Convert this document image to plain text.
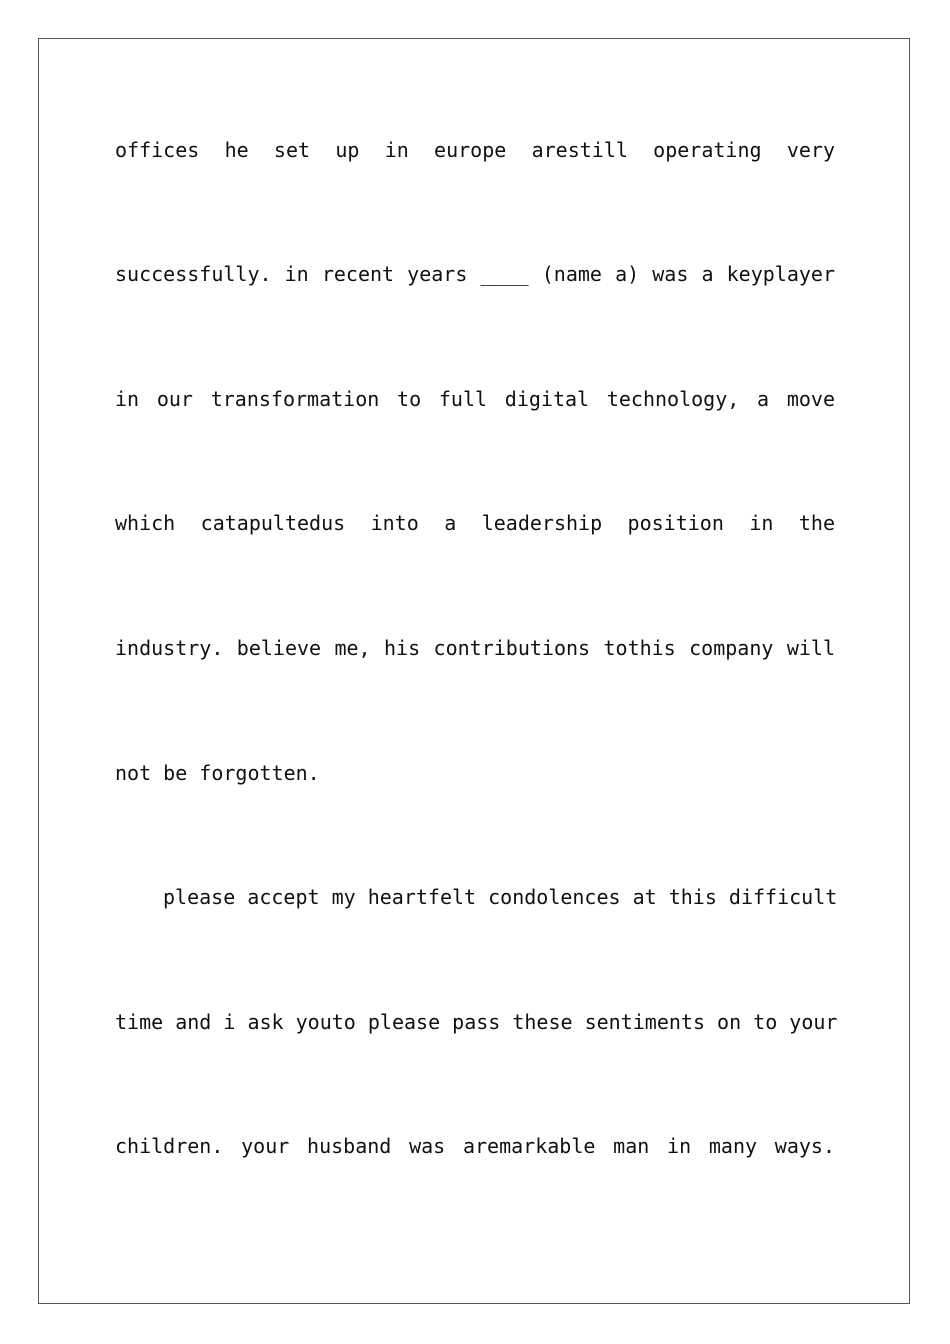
offices he set up in europe arestill operating very
successfully. in recent years ____ (name a) was a keyplayer
in our transformation to full digital technology, a move
which catapultedus into a leadership position in the
industry. believe me, his contributions tothis company will
not be forgotten.
please accept my heartfelt condolences at this difficult
time and i ask youto please pass these sentiments on to your
children. your husband was aremarkable man in many ways.
